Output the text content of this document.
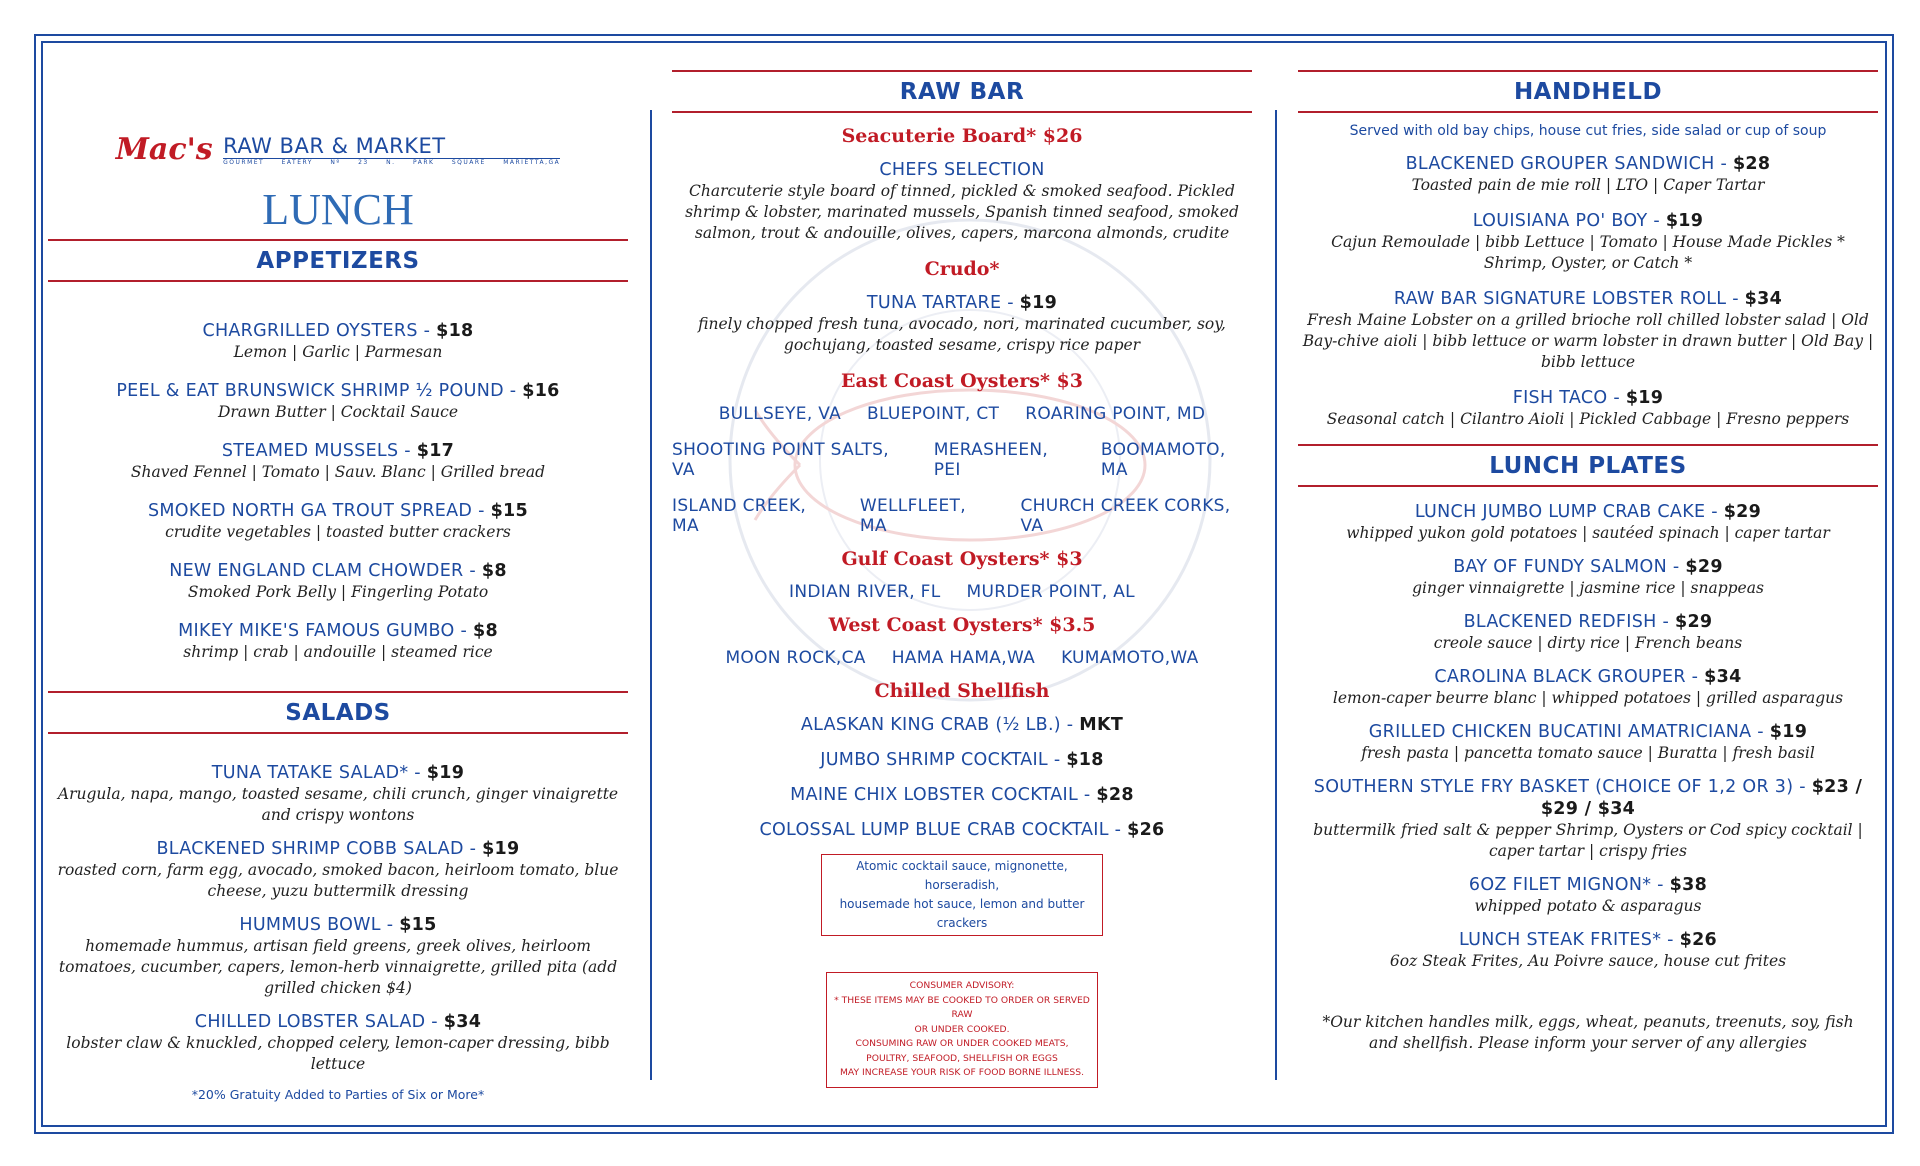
Mac's RAW BAR & MARKET
GOURMET EATERY	Nº 23	N. PARK SQUARE	MARIETTA,GA
LUNCH
APPETIZERS
CHARGRILLED OYSTERS - $18
Lemon | Garlic | Parmesan
PEEL & EAT BRUNSWICK SHRIMP ½ POUND - $16
Drawn Butter | Cocktail Sauce
STEAMED MUSSELS - $17
Shaved Fennel | Tomato | Sauv. Blanc | Grilled bread
SMOKED NORTH GA TROUT SPREAD - $15
crudite vegetables | toasted butter crackers
NEW ENGLAND CLAM CHOWDER - $8
Smoked Pork Belly | Fingerling Potato
MIKEY MIKE'S FAMOUS GUMBO - $8
shrimp | crab | andouille | steamed rice
SALADS
TUNA TATAKE SALAD* - $19
Arugula, napa, mango, toasted sesame, chili crunch, ginger vinaigrette and crispy wontons
BLACKENED SHRIMP COBB SALAD - $19
roasted corn, farm egg, avocado, smoked bacon, heirloom tomato, blue cheese, yuzu buttermilk dressing
HUMMUS BOWL - $15
homemade hummus, artisan field greens, greek olives, heirloom tomatoes, cucumber, capers, lemon-herb vinnaigrette, grilled pita (add grilled chicken $4)
CHILLED LOBSTER SALAD - $34
lobster claw & knuckled, chopped celery, lemon-caper dressing, bibb lettuce
*20% Gratuity Added to Parties of Six or More*
RAW BAR
Seacuterie Board* $26
CHEFS SELECTION
Charcuterie style board of tinned, pickled & smoked seafood. Pickled shrimp & lobster, marinated mussels, Spanish tinned seafood, smoked salmon, trout & andouille, olives, capers, marcona almonds, crudite
Crudo*
TUNA TARTARE - $19
finely chopped fresh tuna, avocado, nori, marinated cucumber, soy, gochujang, toasted sesame, crispy rice paper
East Coast Oysters* $3
BULLSEYE, VA BLUEPOINT, CT ROARING POINT, MD
SHOOTING POINT SALTS, VA
MERASHEEN, PEI
BOOMAMOTO, MA
ISLAND CREEK, MA
WELLFLEET, MA
CHURCH CREEK CORKS, VA
Gulf Coast Oysters* $3
INDIAN RIVER, FL MURDER POINT, AL
West Coast Oysters* $3.5
MOON ROCK,CA HAMA HAMA,WA KUMAMOTO,WA
Chilled Shellfish
ALASKAN KING CRAB (½ LB.) - MKT
JUMBO SHRIMP COCKTAIL - $18
MAINE CHIX LOBSTER COCKTAIL - $28
COLOSSAL LUMP BLUE CRAB COCKTAIL - $26
Atomic cocktail sauce, mignonette, horseradish,
housemade hot sauce, lemon and butter crackers
CONSUMER ADVISORY:
* THESE ITEMS MAY BE COOKED TO ORDER OR SERVED RAW
OR UNDER COOKED.
CONSUMING RAW OR UNDER COOKED MEATS,
POULTRY, SEAFOOD, SHELLFISH OR EGGS
MAY INCREASE YOUR RISK OF FOOD BORNE ILLNESS.
HANDHELD
Served with old bay chips, house cut fries, side salad or cup of soup
BLACKENED GROUPER SANDWICH - $28
Toasted pain de mie roll | LTO | Caper Tartar
LOUISIANA PO' BOY - $19
Cajun Remoulade | bibb Lettuce | Tomato | House Made Pickles * Shrimp, Oyster, or Catch *
RAW BAR SIGNATURE LOBSTER ROLL - $34
Fresh Maine Lobster on a grilled brioche roll chilled lobster salad | Old Bay-chive aioli | bibb lettuce or warm lobster in drawn butter | Old Bay | bibb lettuce
FISH TACO - $19
Seasonal catch | Cilantro Aioli | Pickled Cabbage | Fresno peppers
LUNCH PLATES
LUNCH JUMBO LUMP CRAB CAKE - $29
whipped yukon gold potatoes | sautéed spinach | caper tartar
BAY OF FUNDY SALMON - $29
ginger vinnaigrette | jasmine rice | snappeas
BLACKENED REDFISH - $29
creole sauce | dirty rice | French beans
CAROLINA BLACK GROUPER - $34
lemon-caper beurre blanc | whipped potatoes | grilled asparagus
GRILLED CHICKEN BUCATINI AMATRICIANA - $19
fresh pasta | pancetta tomato sauce | Buratta | fresh basil
SOUTHERN STYLE FRY BASKET (CHOICE OF 1,2 OR 3) - $23 / $29 / $34
buttermilk fried salt & pepper Shrimp, Oysters or Cod spicy cocktail | caper tartar | crispy fries
6OZ FILET MIGNON* - $38
whipped potato & asparagus
LUNCH STEAK FRITES* - $26
6oz Steak Frites, Au Poivre sauce, house cut frites
*Our kitchen handles milk, eggs, wheat, peanuts, treenuts, soy, fish and shellfish. Please inform your server of any allergies
